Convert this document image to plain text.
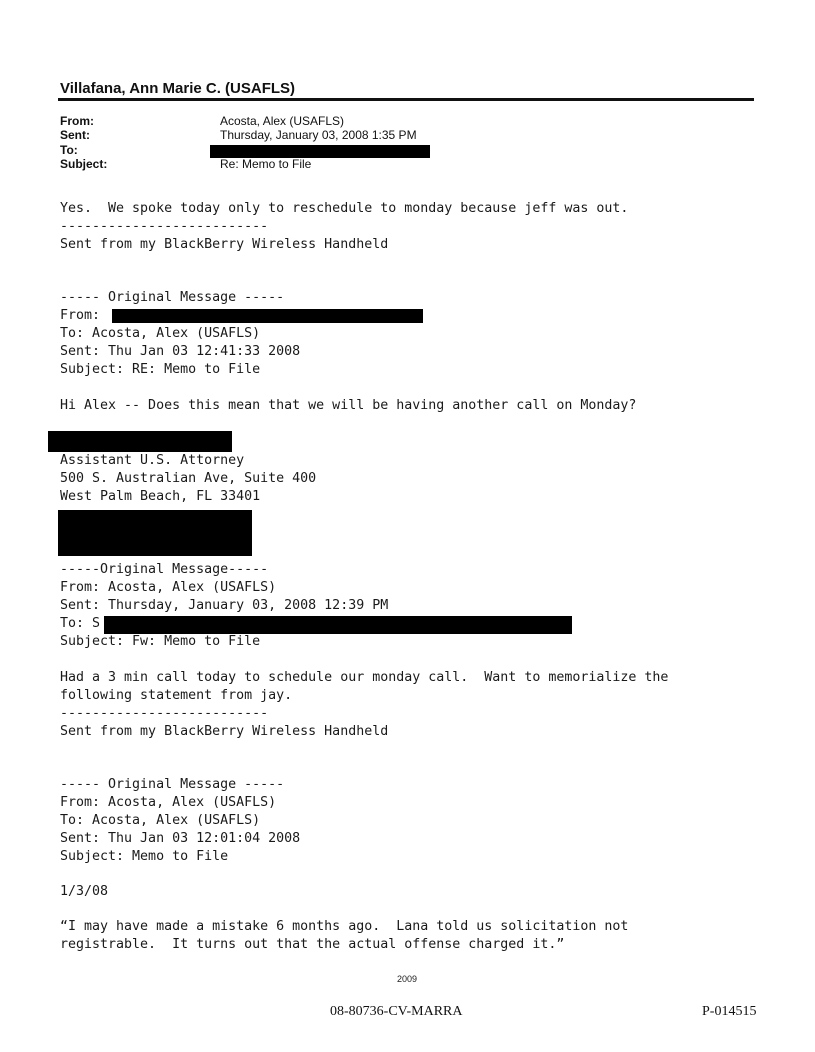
Villafana, Ann Marie C. (USAFLS)
From:	Acosta, Alex (USAFLS)
Sent:	Thursday, January 03, 2008 1:35 PM
To:
Subject:	Re: Memo to File
Yes.  We spoke today only to reschedule to monday because jeff was out.
--------------------------
Sent from my BlackBerry Wireless Handheld
----- Original Message -----
From:
To: Acosta, Alex (USAFLS)
Sent: Thu Jan 03 12:41:33 2008
Subject: RE: Memo to File
Hi Alex -- Does this mean that we will be having another call on Monday?
Assistant U.S. Attorney
500 S. Australian Ave, Suite 400
West Palm Beach, FL 33401
-----Original Message-----
From: Acosta, Alex (USAFLS)
Sent: Thursday, January 03, 2008 12:39 PM
To: S
Subject: Fw: Memo to File
Had a 3 min call today to schedule our monday call.  Want to memorialize the
following statement from jay.
--------------------------
Sent from my BlackBerry Wireless Handheld
----- Original Message -----
From: Acosta, Alex (USAFLS)
To: Acosta, Alex (USAFLS)
Sent: Thu Jan 03 12:01:04 2008
Subject: Memo to File
1/3/08
“I may have made a mistake 6 months ago.  Lana told us solicitation not
registrable.  It turns out that the actual offense charged it.”
2009
08-80736-CV-MARRA	P-014515
